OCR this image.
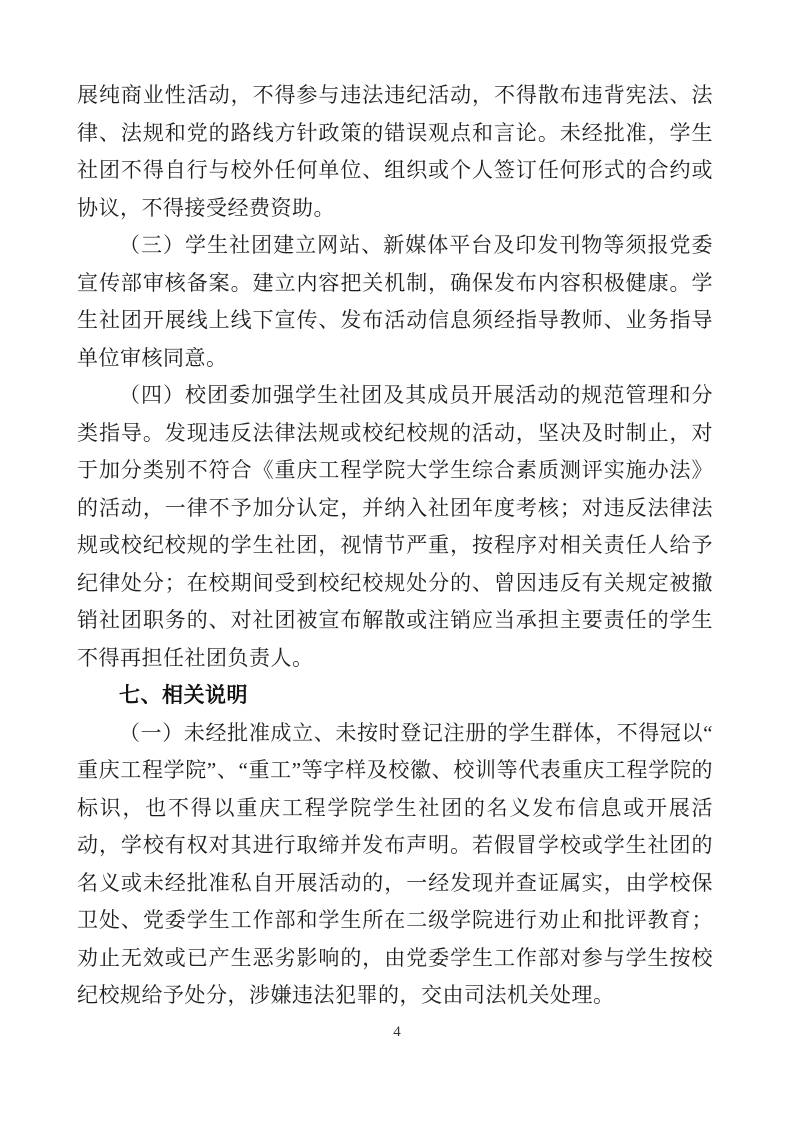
展纯商业性活动，不得参与违法违纪活动，不得散布违背宪法、法律、法规和党的路线方针政策的错误观点和言论。未经批准，学生社团不得自行与校外任何单位、组织或个人签订任何形式的合约或协议，不得接受经费资助。

（三）学生社团建立网站、新媒体平台及印发刊物等须报党委宣传部审核备案。建立内容把关机制，确保发布内容积极健康。学生社团开展线上线下宣传、发布活动信息须经指导教师、业务指导单位审核同意。

（四）校团委加强学生社团及其成员开展活动的规范管理和分类指导。发现违反法律法规或校纪校规的活动，坚决及时制止，对于加分类别不符合《重庆工程学院大学生综合素质测评实施办法》的活动，一律不予加分认定，并纳入社团年度考核；对违反法律法规或校纪校规的学生社团，视情节严重，按程序对相关责任人给予纪律处分；在校期间受到校纪校规处分的、曾因违反有关规定被撤销社团职务的、对社团被宣布解散或注销应当承担主要责任的学生不得再担任社团负责人。

七、相关说明

（一）未经批准成立、未按时登记注册的学生群体，不得冠以“ 重庆工程学院”、“重工”等字样及校徽、校训等代表重庆工程学院的标识，也不得以重庆工程学院学生社团的名义发布信息或开展活动，学校有权对其进行取缔并发布声明。若假冒学校或学生社团的名义或未经批准私自开展活动的，一经发现并查证属实，由学校保卫处、党委学生工作部和学生所在二级学院进行劝止和批评教育；劝止无效或已产生恶劣影响的，由党委学生工作部对参与学生按校纪校规给予处分，涉嫌违法犯罪的，交由司法机关处理。

4
